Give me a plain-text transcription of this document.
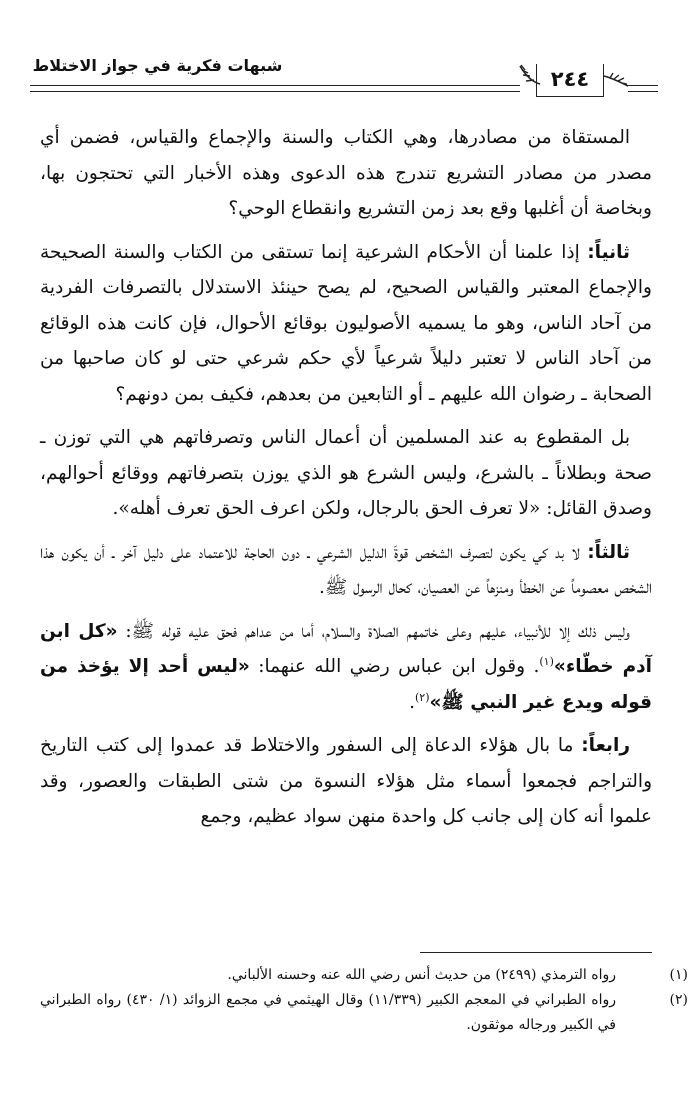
شبهات فكرية في جواز الاختلاط
٢٤٤

المستقاة من مصادرها، وهي الكتاب والسنة والإجماع والقياس، فضمن أي مصدر من مصادر التشريع تندرج هذه الدعوى وهذه الأخبار التي تحتجون بها، وبخاصة أن أغلبها وقع بعد زمن التشريع وانقطاع الوحي؟

ثانياً: إذا علمنا أن الأحكام الشرعية إنما تستقى من الكتاب والسنة الصحيحة والإجماع المعتبر والقياس الصحيح، لم يصح حينئذ الاستدلال بالتصرفات الفردية من آحاد الناس، وهو ما يسميه الأصوليون بوقائع الأحوال، فإن كانت هذه الوقائع من آحاد الناس لا تعتبر دليلاً شرعياً لأي حكم شرعي حتى لو كان صاحبها من الصحابة ـ رضوان الله عليهم ـ أو التابعين من بعدهم، فكيف بمن دونهم؟

بل المقطوع به عند المسلمين أن أعمال الناس وتصرفاتهم هي التي توزن ـ صحة وبطلاناً ـ بالشرع، وليس الشرع هو الذي يوزن بتصرفاتهم ووقائع أحوالهم، وصدق القائل: «لا تعرف الحق بالرجال، ولكن اعرف الحق تعرف أهله».

ثالثاً: لا بد كي يكون لتصرف الشخص قوةَ الدليل الشرعي ـ دون الحاجة للاعتماد على دليل آخر ـ أن يكون هذا الشخص معصوماً عن الخطأ ومنزهاً عن العصيان، كحال الرسول ﷺ.

وليس ذلك إلا للأنبياء، عليهم وعلى خاتمهم الصلاة والسلام، أما من عداهم فحق عليه قوله ﷺ: «كل ابن آدم خطّاء»$^{(١)}$. وقول ابن عباس رضي الله عنهما: «ليس أحد إلا يؤخذ من قوله ويدع غير النبي ﷺ»$^{(٢)}$.

رابعاً: ما بال هؤلاء الدعاة إلى السفور والاختلاط قد عمدوا إلى كتب التاريخ والتراجم فجمعوا أسماء مثل هؤلاء النسوة من شتى الطبقات والعصور، وقد علموا أنه كان إلى جانب كل واحدة منهن سواد عظيم، وجمع

(١)رواه الترمذي (٢٤٩٩) من حديث أنس رضي الله عنه وحسنه الألباني.

(٢)رواه الطبراني في المعجم الكبير (١١/٣٣٩) وقال الهيثمي في مجمع الزوائد (١/ ٤٣٠) رواه الطبراني في الكبير ورجاله موثقون.
